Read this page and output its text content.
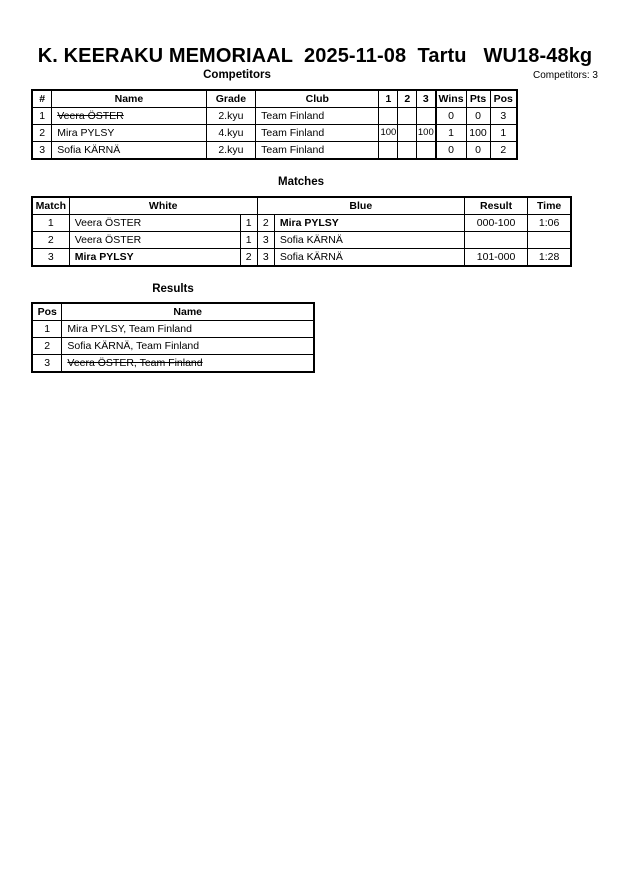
K. KEERAKU MEMORIAAL  2025-11-08  Tartu   WU18-48kg
Competitors	Competitors: 3
#	Name	Grade	Club	1	2	3	Wins	Pts	Pos
1	Veera ÖSTER	2.kyu	Team Finland				0	0	3
2	Mira PYLSY	4.kyu	Team Finland	100		100	1	100	1
3	Sofia KÄRNÄ	2.kyu	Team Finland				0	0	2
Matches
Match	White		Blue		Result	Time
1	Veera ÖSTER	1	2	Mira PYLSY	000-100	1:06
2	Veera ÖSTER	1	3	Sofia KÄRNÄ		
3	Mira PYLSY	2	3	Sofia KÄRNÄ	101-000	1:28
Results
Pos	Name
1	Mira PYLSY, Team Finland
2	Sofia KÄRNÄ, Team Finland
3	Veera ÖSTER, Team Finland
